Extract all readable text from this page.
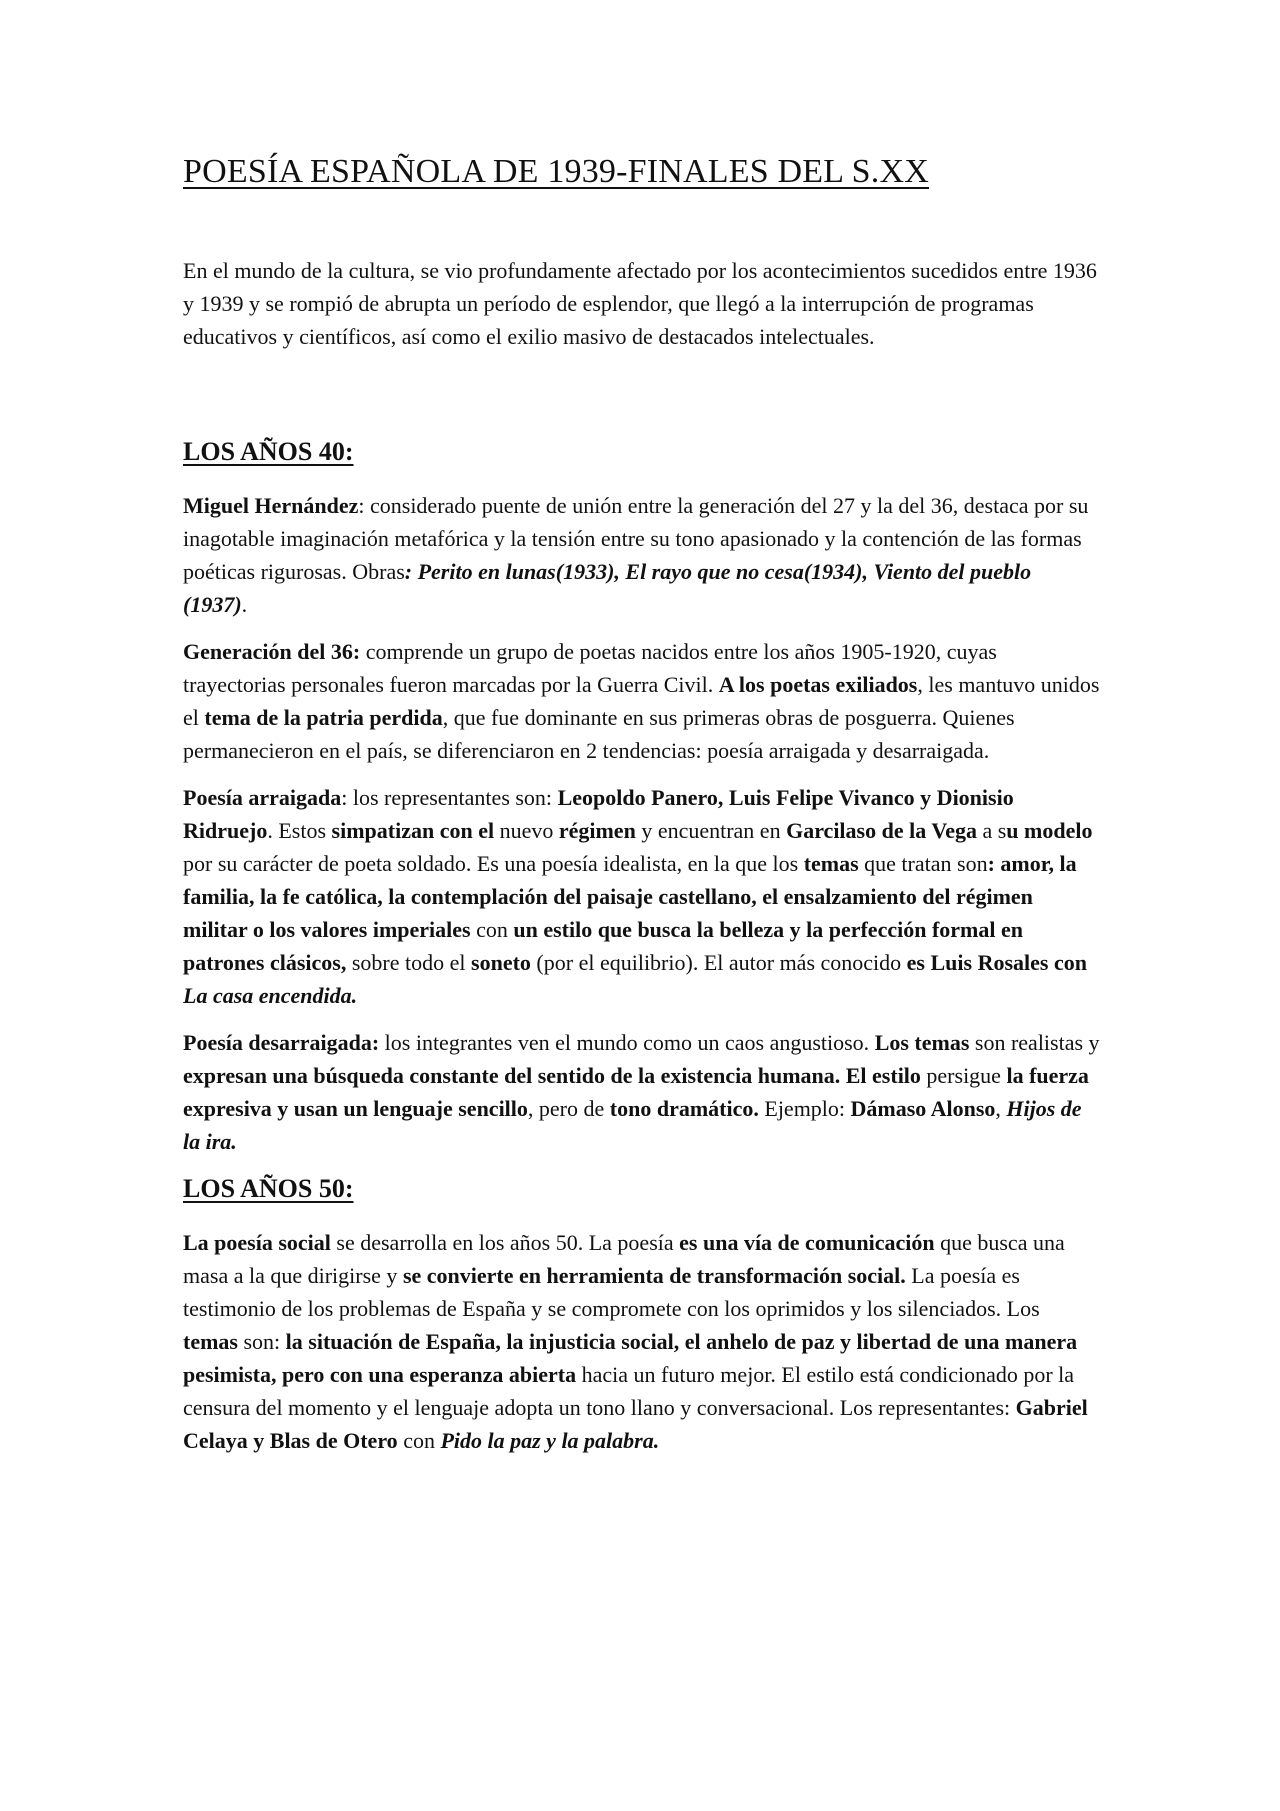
POESÍA ESPAÑOLA DE 1939-FINALES DEL S.XX

En el mundo de la cultura, se vio profundamente afectado por los acontecimientos sucedidos entre 1936 y 1939 y se rompió de abrupta un período de esplendor, que llegó a la interrupción de programas educativos y científicos, así como el exilio masivo de destacados intelectuales.

LOS AÑOS 40:

Miguel Hernández: considerado puente de unión entre la generación del 27 y la del 36, destaca por su inagotable imaginación metafórica y la tensión entre su tono apasionado y la contención de las formas poéticas rigurosas. Obras: Perito en lunas(1933), El rayo que no cesa(1934), Viento del pueblo (1937).

Generación del 36: comprende un grupo de poetas nacidos entre los años 1905-1920, cuyas trayectorias personales fueron marcadas por la Guerra Civil. A los poetas exiliados, les mantuvo unidos el tema de la patria perdida, que fue dominante en sus primeras obras de posguerra. Quienes permanecieron en el país, se diferenciaron en 2 tendencias: poesía arraigada y desarraigada.

Poesía arraigada: los representantes son: Leopoldo Panero, Luis Felipe Vivanco y Dionisio Ridruejo. Estos simpatizan con el nuevo régimen y encuentran en Garcilaso de la Vega a su modelo por su carácter de poeta soldado. Es una poesía idealista, en la que los temas que tratan son: amor, la familia, la fe católica, la contemplación del paisaje castellano, el ensalzamiento del régimen militar o los valores imperiales con un estilo que busca la belleza y la perfección formal en patrones clásicos, sobre todo el soneto (por el equilibrio). El autor más conocido es Luis Rosales con La casa encendida.

Poesía desarraigada: los integrantes ven el mundo como un caos angustioso. Los temas son realistas y expresan una búsqueda constante del sentido de la existencia humana. El estilo persigue la fuerza expresiva y usan un lenguaje sencillo, pero de tono dramático. Ejemplo: Dámaso Alonso, Hijos de la ira.

LOS AÑOS 50:

La poesía social se desarrolla en los años 50. La poesía es una vía de comunicación que busca una masa a la que dirigirse y se convierte en herramienta de transformación social. La poesía es testimonio de los problemas de España y se compromete con los oprimidos y los silenciados. Los temas son: la situación de España, la injusticia social, el anhelo de paz y libertad de una manera pesimista, pero con una esperanza abierta hacia un futuro mejor. El estilo está condicionado por la censura del momento y el lenguaje adopta un tono llano y conversacional. Los representantes: Gabriel Celaya y Blas de Otero con Pido la paz y la palabra.
